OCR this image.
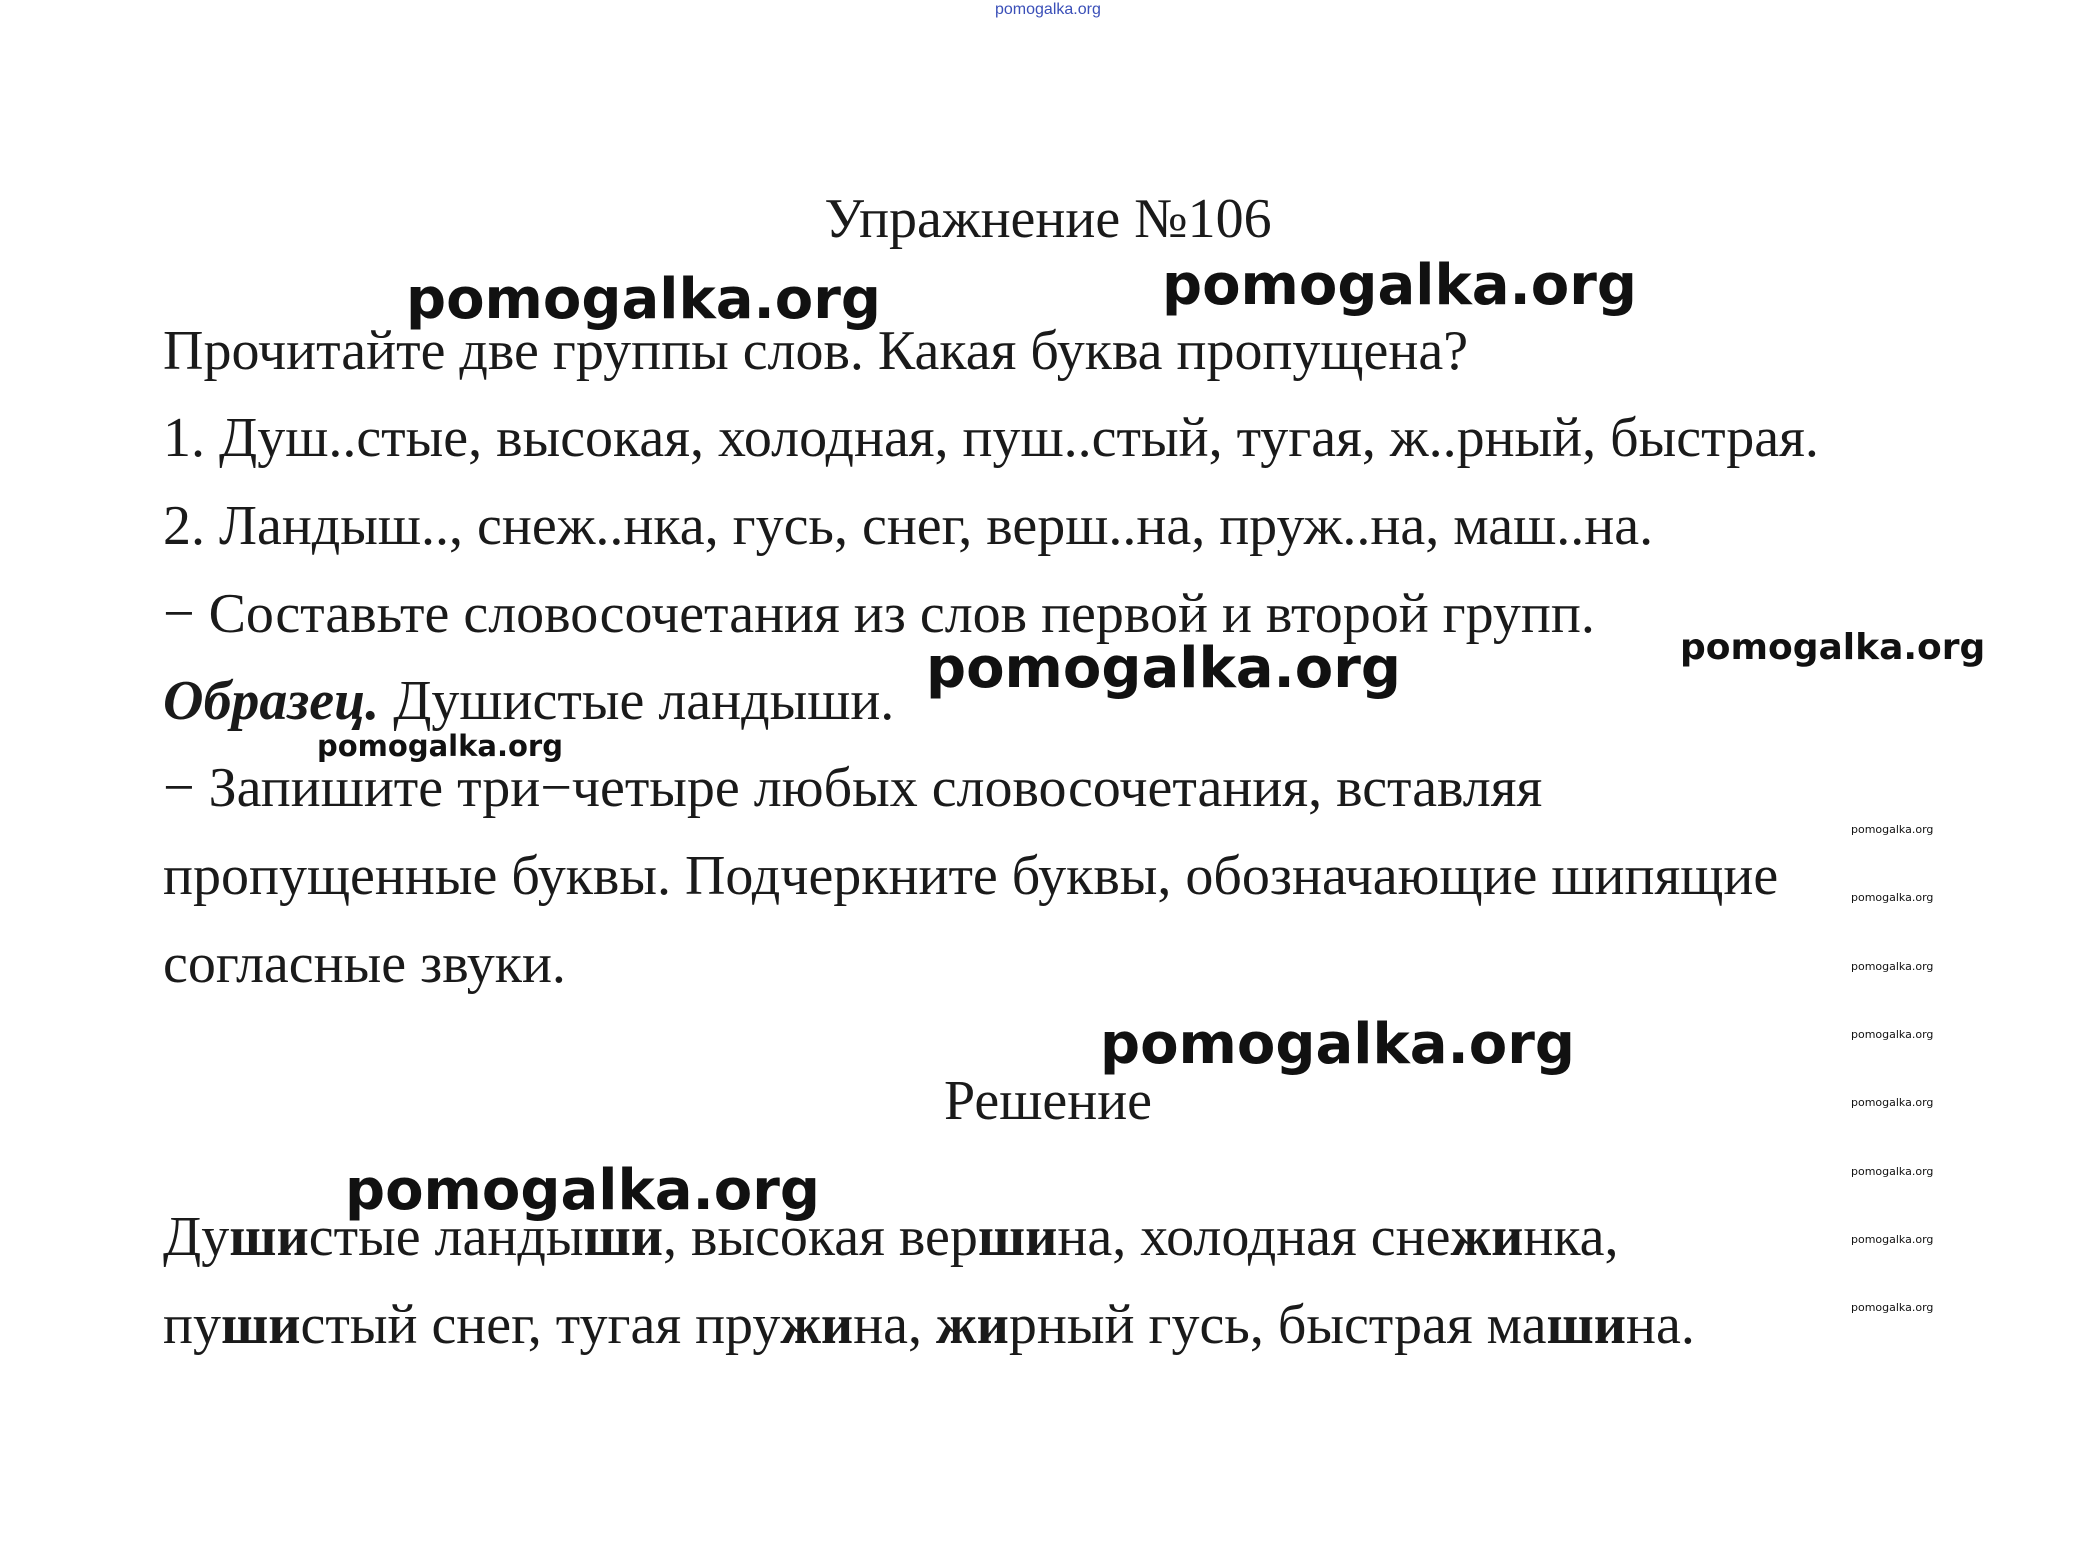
pomogalka.org
Упражнение №106
Прочитайте две группы слов. Какая буква пропущена?
1. Душ..стые, высокая, холодная, пуш..стый, тугая, ж..рный, быстрая.
2. Ландыш.., снеж..нка, гусь, снег, верш..на, пруж..на, маш..на.
− Составьте словосочетания из слов первой и второй групп.
Образец. Душистые ландыши.
− Запишите три−четыре любых словосочетания, вставляя
пропущенные буквы. Подчеркните буквы, обозначающие шипящие
согласные звуки.
Решение
Душистые ландыши, высокая вершина, холодная снежинка,
пушистый снег, тугая пружина, жирный гусь, быстрая машина.
pomogalka.org	pomogalka.org
pomogalka.org
pomogalka.org
pomogalka.org
pomogalka.org
pomogalka.org
pomogalka.org
pomogalka.org
pomogalka.org
pomogalka.org
pomogalka.org
pomogalka.org
pomogalka.org
pomogalka.org
